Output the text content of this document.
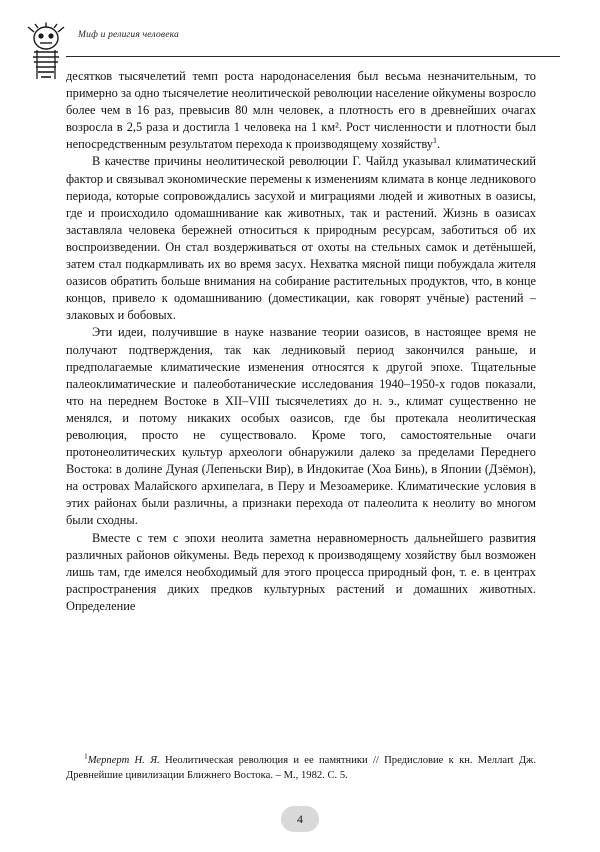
Миф и религия человека

десятков тысячелетий темп роста народонаселения был весьма незначительным, то примерно за одно тысячелетие неолитической революции население ойкумены возросло более чем в 16 раз, превысив 80 млн человек, а плотность его в древнейших очагах возросла в 2,5 раза и достигла 1 человека на 1 км². Рост численности и плотности был непосредственным результатом перехода к производящему хозяйству$^1$.

В качестве причины неолитической революции Г. Чайлд указывал климатический фактор и связывал экономические перемены к изменениям климата в конце ледникового периода, которые сопровождались засухой и миграциями людей и животных в оазисы, где и происходило одомашнивание как животных, так и растений. Жизнь в оазисах заставляла человека бережней относиться к природным ресурсам, заботиться об их воспроизведении. Он стал воздерживаться от охоты на стельных самок и детёнышей, затем стал подкармливать их во время засух. Нехватка мясной пищи побуждала жителя оазисов обратить больше внимания на собирание растительных продуктов, что, в конце концов, привело к одомашниванию (доместикации, как говорят учёные) растений – злаковых и бобовых.

Эти идеи, получившие в науке название теории оазисов, в настоящее время не получают подтверждения, так как ледниковый период закончился раньше, и предполагаемые климатические изменения относятся к другой эпохе. Тщательные палеоклиматические и палеоботанические исследования 1940–1950-х годов показали, что на переднем Востоке в XII–VIII тысячелетиях до н. э., климат существенно не менялся, и потому никаких особых оазисов, где бы протекала неолитическая революция, просто не существовало. Кроме того, самостоятельные очаги протонеолитических культур археологи обнаружили далеко за пределами Переднего Востока: в долине Дуная (Лепеньски Вир), в Индокитае (Хоа Бинь), в Японии (Дзёмон), на островах Малайского архипелага, в Перу и Мезоамерике. Климатические условия в этих районах были различны, а признаки перехода от палеолита к неолиту во многом были сходны.

Вместе с тем с эпохи неолита заметна неравномерность дальнейшего развития различных районов ойкумены. Ведь переход к производящему хозяйству был возможен лишь там, где имелся необходимый для этого процесса природный фон, т. е. в центрах распространения диких предков культурных растений и домашних животных. Определение

$^1$Мерперт Н. Я. Неолитическая революция и ее памятники // Предисловие к кн. Меллart Дж. Древнейшие цивилизации Ближнего Востока. – М., 1982. С. 5.
4
